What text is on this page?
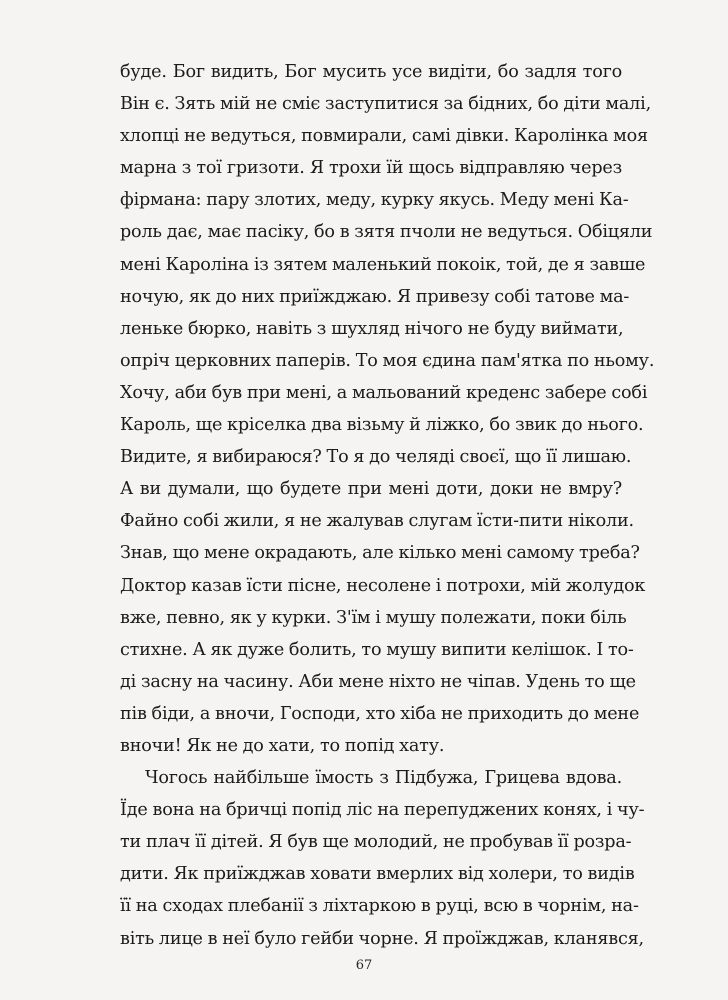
буде. Бог видить, Бог мусить усе видіти, бо задля того
Він є. Зять мій не сміє заступитися за бідних, бо діти малі,
хлопці не ведуться, повмирали, самі дівки. Каролінка моя
марна з тої гризоти. Я трохи їй щось відправляю через
фірмана: пару злотих, меду, курку якусь. Меду мені Ка-
роль дає, має пасіку, бо в зятя пчоли не ведуться. Обіцяли
мені Кароліна із зятем маленький покоік, той, де я завше
ночую, як до них приїжджаю. Я привезу собі татове ма-
леньке бюрко, навіть з шухляд нічого не буду виймати,
опріч церковних паперів. То моя єдина пам'ятка по ньому.
Хочу, аби був при мені, а мальований креденс забере собі
Кароль, ще кріселка два візьму й ліжко, бо звик до нього.
Видите, я вибираюся? То я до челяді своєї, що її лишаю.
А ви думали, що будете при мені доти, доки не вмру?
Файно собі жили, я не жалував слугам їсти-пити ніколи.
Знав, що мене окрадають, але кілько мені самому треба?
Доктор казав їсти пісне, несолене і потрохи, мій жолудок
вже, певно, як у курки. З'їм і мушу полежати, поки біль
стихне. А як дуже болить, то мушу випити келішок. І то-
ді засну на часину. Аби мене ніхто не чіпав. Удень то ще
пів біди, а вночи, Господи, хто хіба не приходить до мене
вночи! Як не до хати, то попід хату.
Чогось найбільше їмость з Підбужа, Грицева вдова.
Їде вона на бричці попід ліс на перепуджених конях, і чу-
ти плач її дітей. Я був ще молодий, не пробував її розра-
дити. Як приїжджав ховати вмерлих від холери, то видів
її на сходах плебанії з ліхтаркою в руці, всю в чорнім, на-
віть лице в неї було гейби чорне. Я проїжджав, кланявся,
67
